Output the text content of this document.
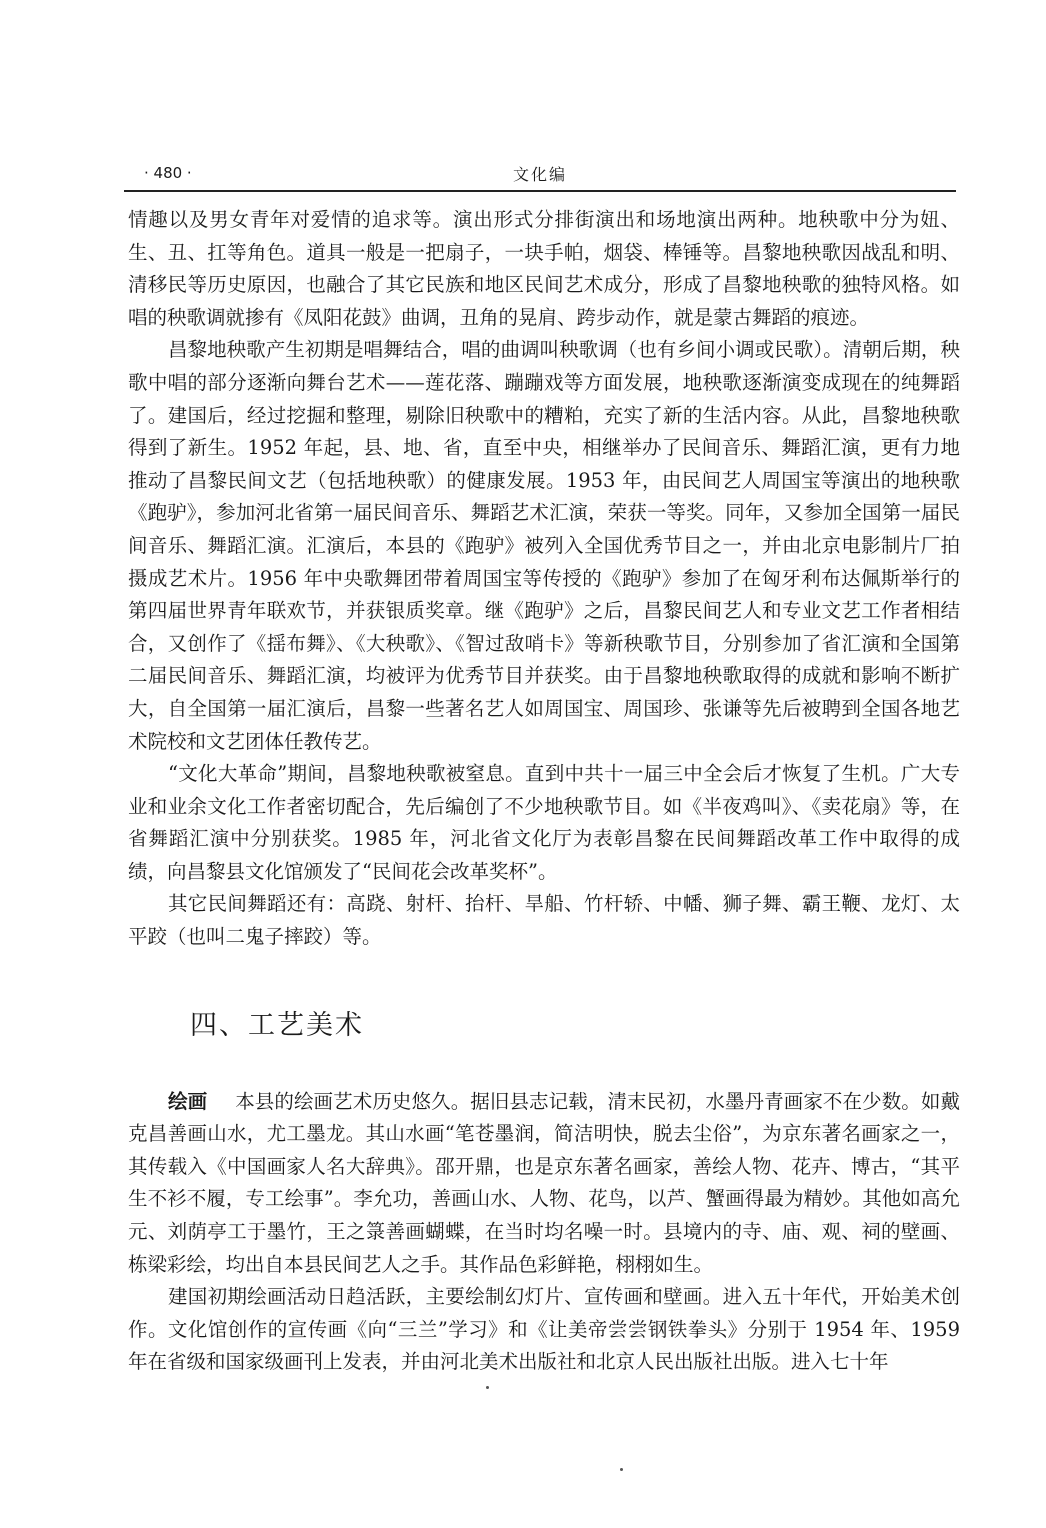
· 480 ·	文化编

情趣以及男女青年对爱情的追求等。演出形式分排街演出和场地演出两种。地秧歌中分为妞、生、丑、扛等角色。道具一般是一把扇子，一块手帕，烟袋、棒锤等。昌黎地秧歌因战乱和明、清移民等历史原因，也融合了其它民族和地区民间艺术成分，形成了昌黎地秧歌的独特风格。如唱的秧歌调就掺有《凤阳花鼓》曲调，丑角的晃肩、跨步动作，就是蒙古舞蹈的痕迹。

昌黎地秧歌产生初期是唱舞结合，唱的曲调叫秧歌调（也有乡间小调或民歌）。清朝后期，秧歌中唱的部分逐渐向舞台艺术——莲花落、蹦蹦戏等方面发展，地秧歌逐渐演变成现在的纯舞蹈了。建国后，经过挖掘和整理，剔除旧秧歌中的糟粕，充实了新的生活内容。从此，昌黎地秧歌得到了新生。1952 年起，县、地、省，直至中央，相继举办了民间音乐、舞蹈汇演，更有力地推动了昌黎民间文艺（包括地秧歌）的健康发展。1953 年，由民间艺人周国宝等演出的地秧歌《跑驴》，参加河北省第一届民间音乐、舞蹈艺术汇演，荣获一等奖。同年，又参加全国第一届民间音乐、舞蹈汇演。汇演后，本县的《跑驴》被列入全国优秀节目之一，并由北京电影制片厂拍摄成艺术片。1956 年中央歌舞团带着周国宝等传授的《跑驴》参加了在匈牙利布达佩斯举行的第四届世界青年联欢节，并获银质奖章。继《跑驴》之后，昌黎民间艺人和专业文艺工作者相结合，又创作了《揺布舞》、《大秧歌》、《智过敌哨卡》等新秧歌节目，分别参加了省汇演和全国第二届民间音乐、舞蹈汇演，均被评为优秀节目并获奖。由于昌黎地秧歌取得的成就和影响不断扩大，自全国第一届汇演后，昌黎一些著名艺人如周国宝、周国珍、张谦等先后被聘到全国各地艺术院校和文艺团体任教传艺。

“文化大革命”期间，昌黎地秧歌被窒息。直到中共十一届三中全会后才恢复了生机。广大专业和业余文化工作者密切配合，先后编创了不少地秧歌节目。如《半夜鸡叫》、《卖花扇》等，在省舞蹈汇演中分别获奖。1985 年，河北省文化厅为表彰昌黎在民间舞蹈改革工作中取得的成绩，向昌黎县文化馆颁发了“民间花会改革奖杯”。

其它民间舞蹈还有：高跷、射杆、抬杆、旱船、竹杆轿、中幡、狮子舞、霸王鞭、龙灯、太平跤（也叫二鬼子摔跤）等。

四、工艺美术

绘画 本县的绘画艺术历史悠久。据旧县志记载，清末民初，水墨丹青画家不在少数。如戴克昌善画山水，尤工墨龙。其山水画“笔苍墨润，简洁明快，脱去尘俗”，为京东著名画家之一，其传载入《中国画家人名大辞典》。邵开鼎，也是京东著名画家，善绘人物、花卉、博古，“其平生不衫不履，专工绘事”。李允功，善画山水、人物、花鸟，以芦、蟹画得最为精妙。其他如高允元、刘荫亭工于墨竹，王之箓善画蝴蝶，在当时均名噪一时。县境内的寺、庙、观、祠的壁画、栋梁彩绘，均出自本县民间艺人之手。其作品色彩鲜艳，栩栩如生。

建国初期绘画活动日趋活跃，主要绘制幻灯片、宣传画和壁画。进入五十年代，开始美术创作。文化馆创作的宣传画《向“三兰”学习》和《让美帝尝尝钢铁拳头》分别于 1954 年、1959 年在省级和国家级画刊上发表，并由河北美术出版社和北京人民出版社出版。进入七十年
